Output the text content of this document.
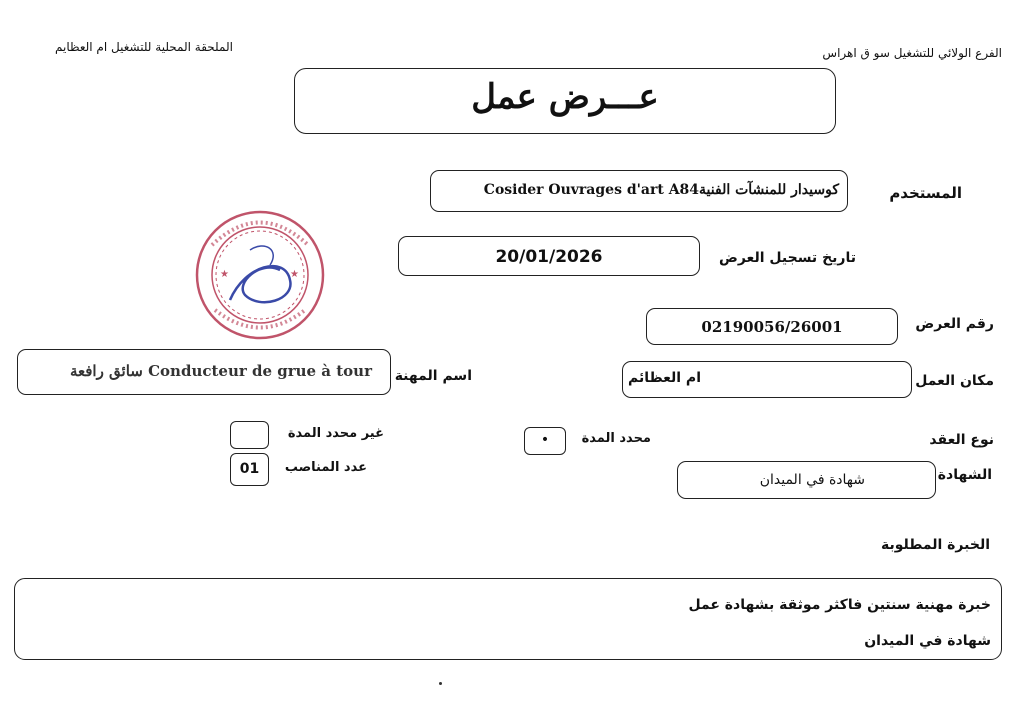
الفرع الولائي للتشغيل سو ق اهراس
الملحقة المحلية للتشغيل ام العظايم
عـــرض عمل
المستخدم
كوسيدار للمنشآت الفنيةCosider Ouvrages d'art A84
★	★
تاريخ تسجيل العرض
20/01/2026
رقم العرض
02190056/26001
اسم المهنة
Conducteur de grue à tour سائق رافعة
مكان العمل
ام العظائم
نوع العقد
محدد المدة
•
غير محدد المدة
عدد المناصب
01	الشهادة
شهادة في الميدان
الخبرة المطلوبة
خبرة مهنية سنتين فاكثر موثقة بشهادة عمل
شهادة في الميدان
